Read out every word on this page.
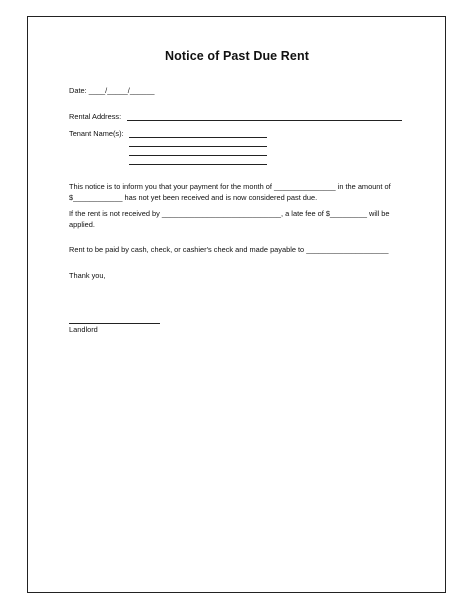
Notice of Past Due Rent
Date: ____/_____/______
Rental Address:
Tenant Name(s):
This notice is to inform you that your payment for the month of _______________ in the amount of
$____________ has not yet been received and is now considered past due.
If the rent is not received by _____________________________, a late fee of $_________ will be
applied.
Rent to be paid by cash, check, or cashier's check and made payable to ____________________
Thank you,
Landlord
